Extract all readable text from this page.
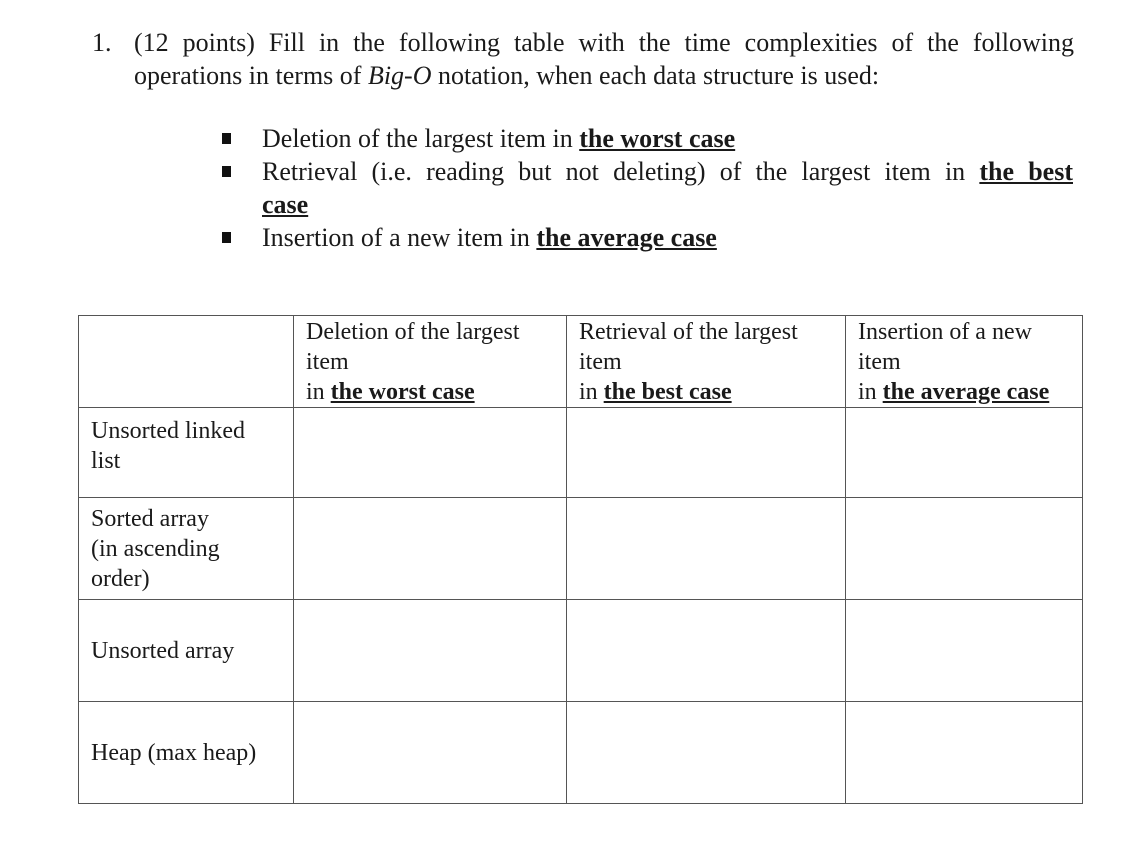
1. (12 points) Fill in the following table with the time complexities of the following
operations in terms of Big-O notation, when each data structure is used:
Deletion of the largest item in the worst case
Retrieval (i.e. reading but not deleting) of the largest item in the best
case
Insertion of a new item in the average case

	Deletion of the largest
item
in the worst case	Retrieval of the largest
item
in the best case	Insertion of a new
item
in the average case

Unsorted linked
list			

Sorted array
(in ascending
order)			

Unsorted array			
Heap (max heap)			
